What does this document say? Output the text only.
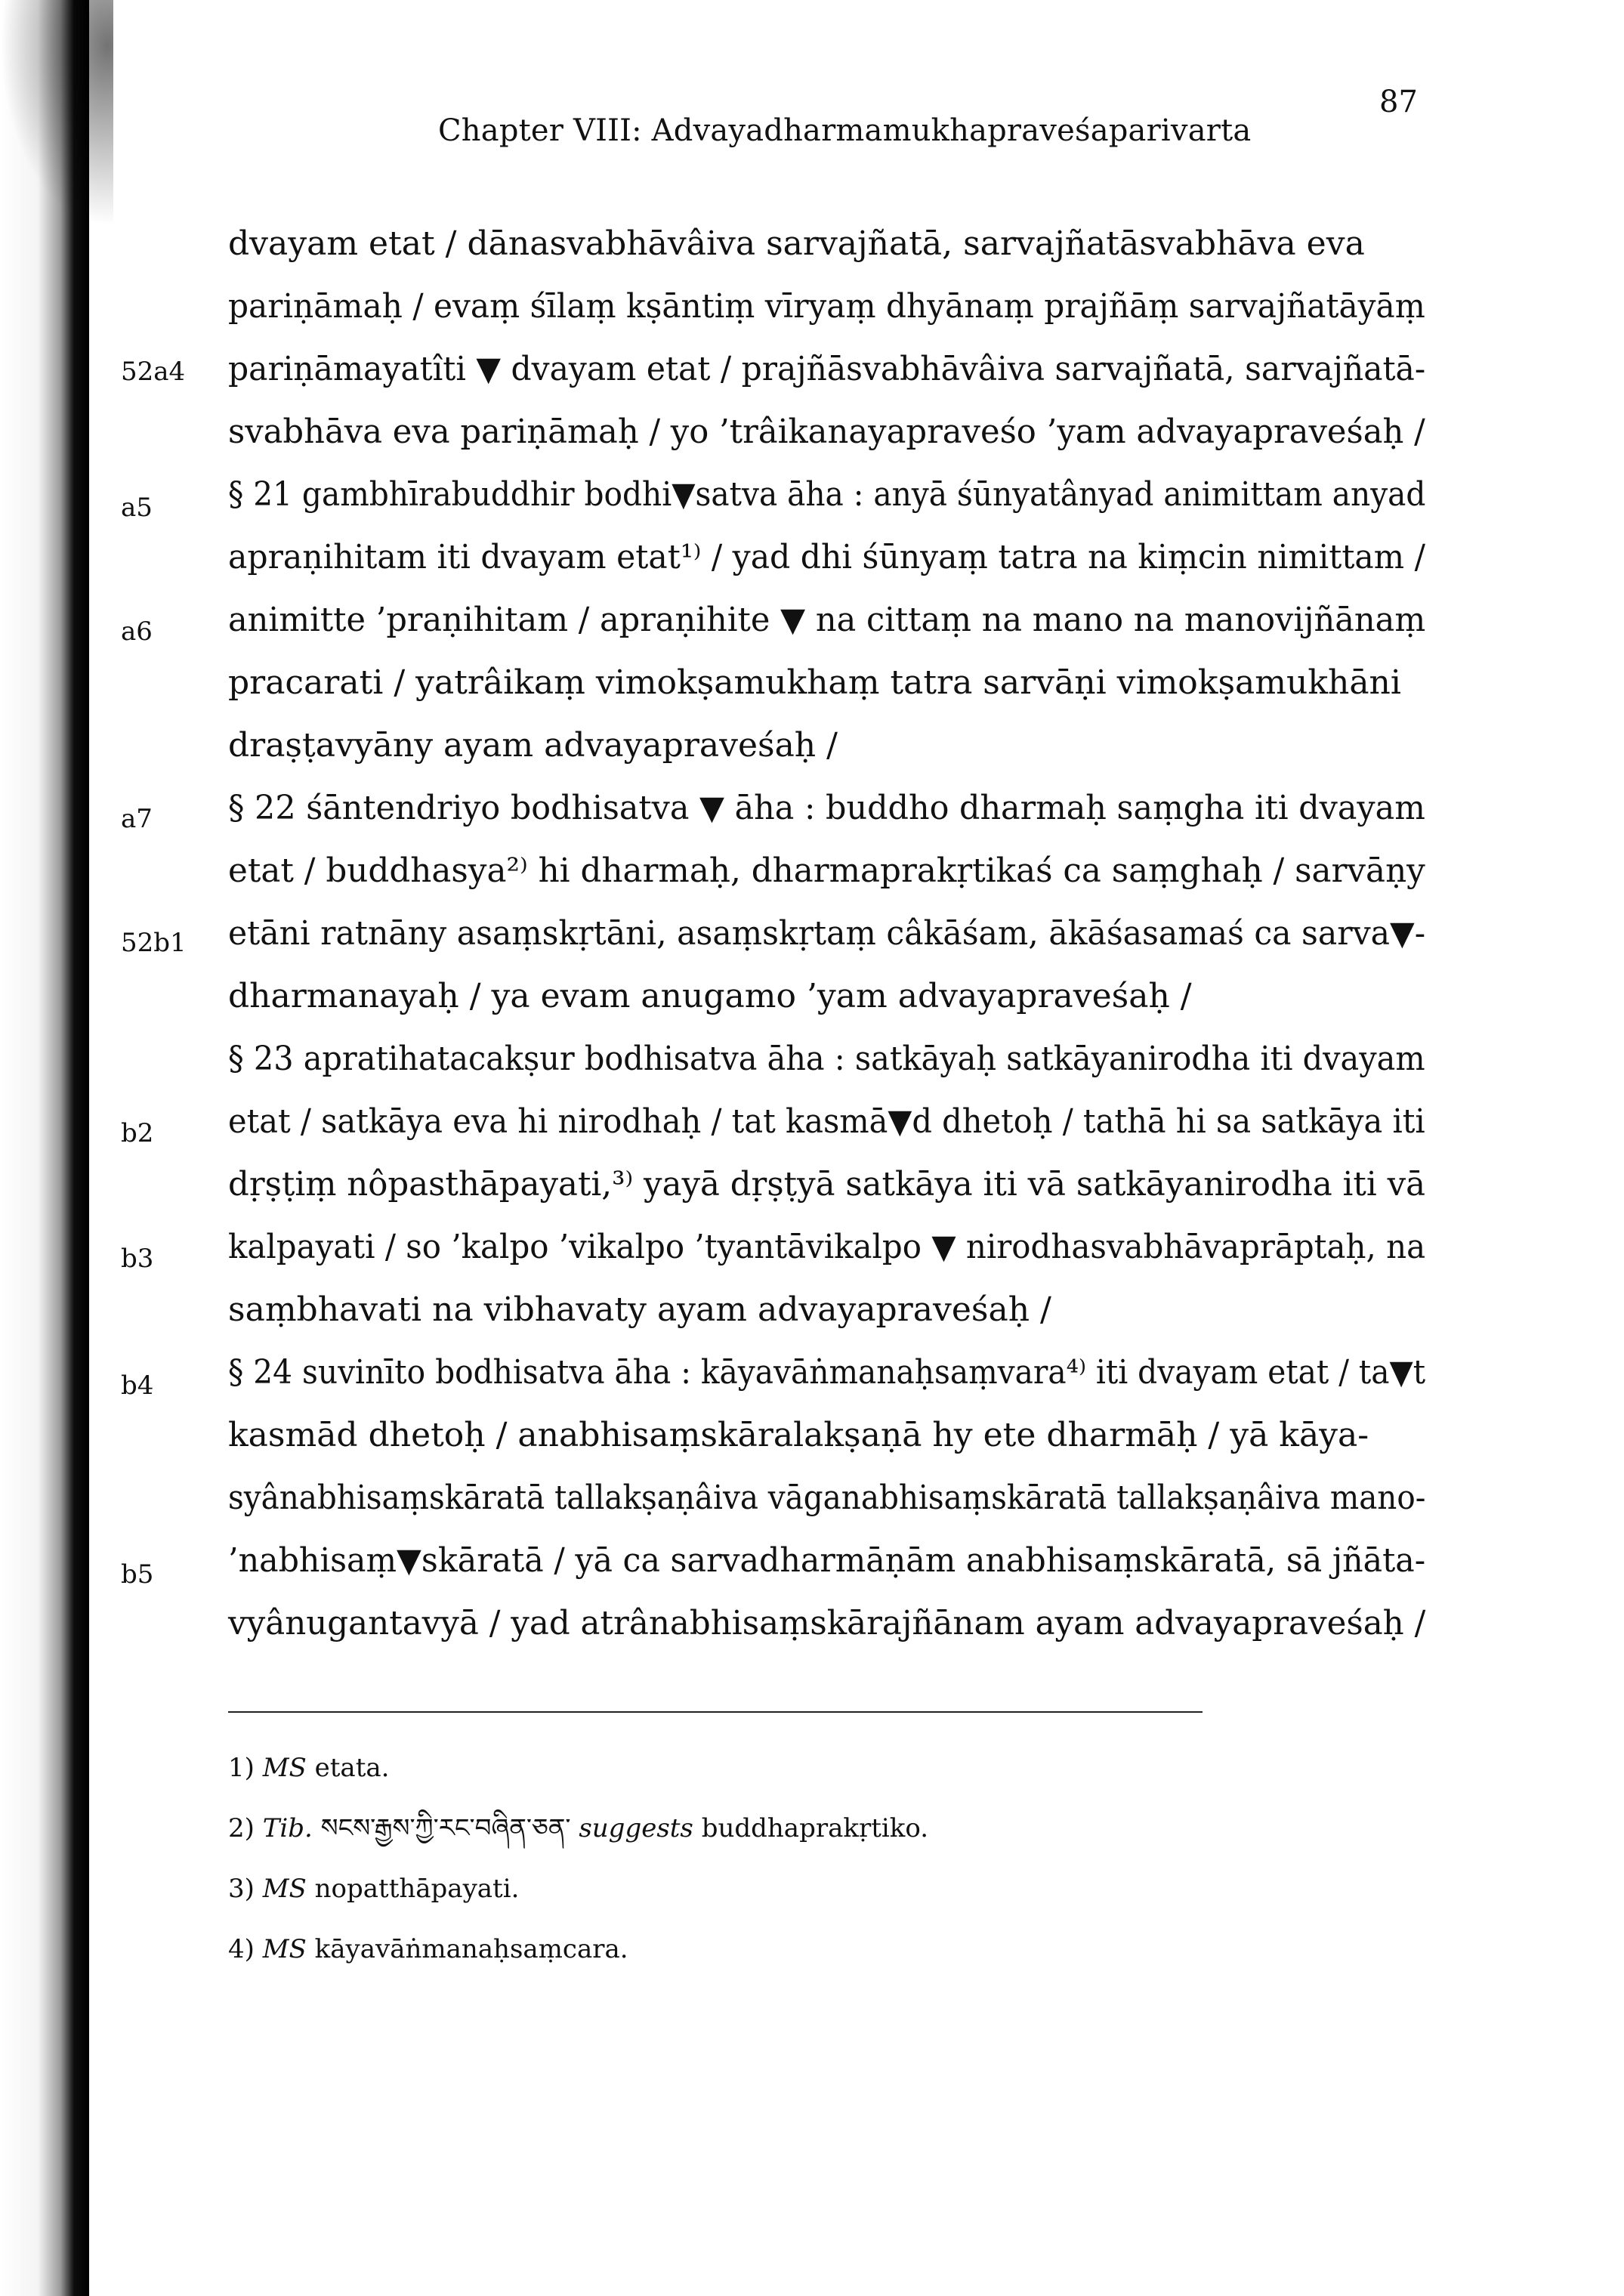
Chapter VIII: Advayadharmamukhapraveśaparivarta
87
52a4
a5
a6
a7
52b1
b2
b3
b4
b5
dvayam etat / dānasvabhāvâiva sarvajñatā, sarvajñatāsvabhāva eva
pariṇāmaḥ / evaṃ śīlaṃ kṣāntiṃ vīryaṃ dhyānaṃ prajñāṃ sarvajñatāyāṃ
pariṇāmayatîti ▼ dvayam etat / prajñāsvabhāvâiva sarvajñatā, sarvajñatā-
svabhāva eva pariṇāmaḥ / yo ’trâikanayapraveśo ’yam advayapraveśaḥ /
§ 21 gambhīrabuddhir bodhi▼satva āha : anyā śūnyatânyad animittam anyad
apraṇihitam iti dvayam etat¹⁾ / yad dhi śūnyaṃ tatra na kiṃcin nimittam /
animitte ’praṇihitam / apraṇihite ▼ na cittaṃ na mano na manovijñānaṃ
pracarati / yatrâikaṃ vimokṣamukhaṃ tatra sarvāṇi vimokṣamukhāni
draṣṭavyāny ayam advayapraveśaḥ /
§ 22 śāntendriyo bodhisatva ▼ āha : buddho dharmaḥ saṃgha iti dvayam
etat / buddhasya²⁾ hi dharmaḥ, dharmaprakṛtikaś ca saṃghaḥ / sarvāṇy
etāni ratnāny asaṃskṛtāni, asaṃskṛtaṃ câkāśam, ākāśasamaś ca sarva▼-
dharmanayaḥ / ya evam anugamo ’yam advayapraveśaḥ /
§ 23 apratihatacakṣur bodhisatva āha : satkāyaḥ satkāyanirodha iti dvayam
etat / satkāya eva hi nirodhaḥ / tat kasmā▼d dhetoḥ / tathā hi sa satkāya iti
dṛṣṭiṃ nôpasthāpayati,³⁾ yayā dṛṣṭyā satkāya iti vā satkāyanirodha iti vā
kalpayati / so ’kalpo ’vikalpo ’tyantāvikalpo ▼ nirodhasvabhāvaprāptaḥ, na
saṃbhavati na vibhavaty ayam advayapraveśaḥ /
§ 24 suvinīto bodhisatva āha : kāyavāṅmanaḥsaṃvara⁴⁾ iti dvayam etat / ta▼t
kasmād dhetoḥ / anabhisaṃskāralakṣaṇā hy ete dharmāḥ / yā kāya-
syânabhisaṃskāratā tallakṣaṇâiva vāganabhisaṃskāratā tallakṣaṇâiva mano-
’nabhisaṃ▼skāratā / yā ca sarvadharmāṇām anabhisaṃskāratā, sā jñāta-
vyânugantavyā / yad atrânabhisaṃskārajñānam ayam advayapraveśaḥ /
1) MS etata.
2) Tib. སངས་རྒྱས་ཀྱི་རང་བཞིན་ཅན་ suggests buddhaprakṛtiko.
3) MS nopatthāpayati.
4) MS kāyavāṅmanaḥsaṃcara.
